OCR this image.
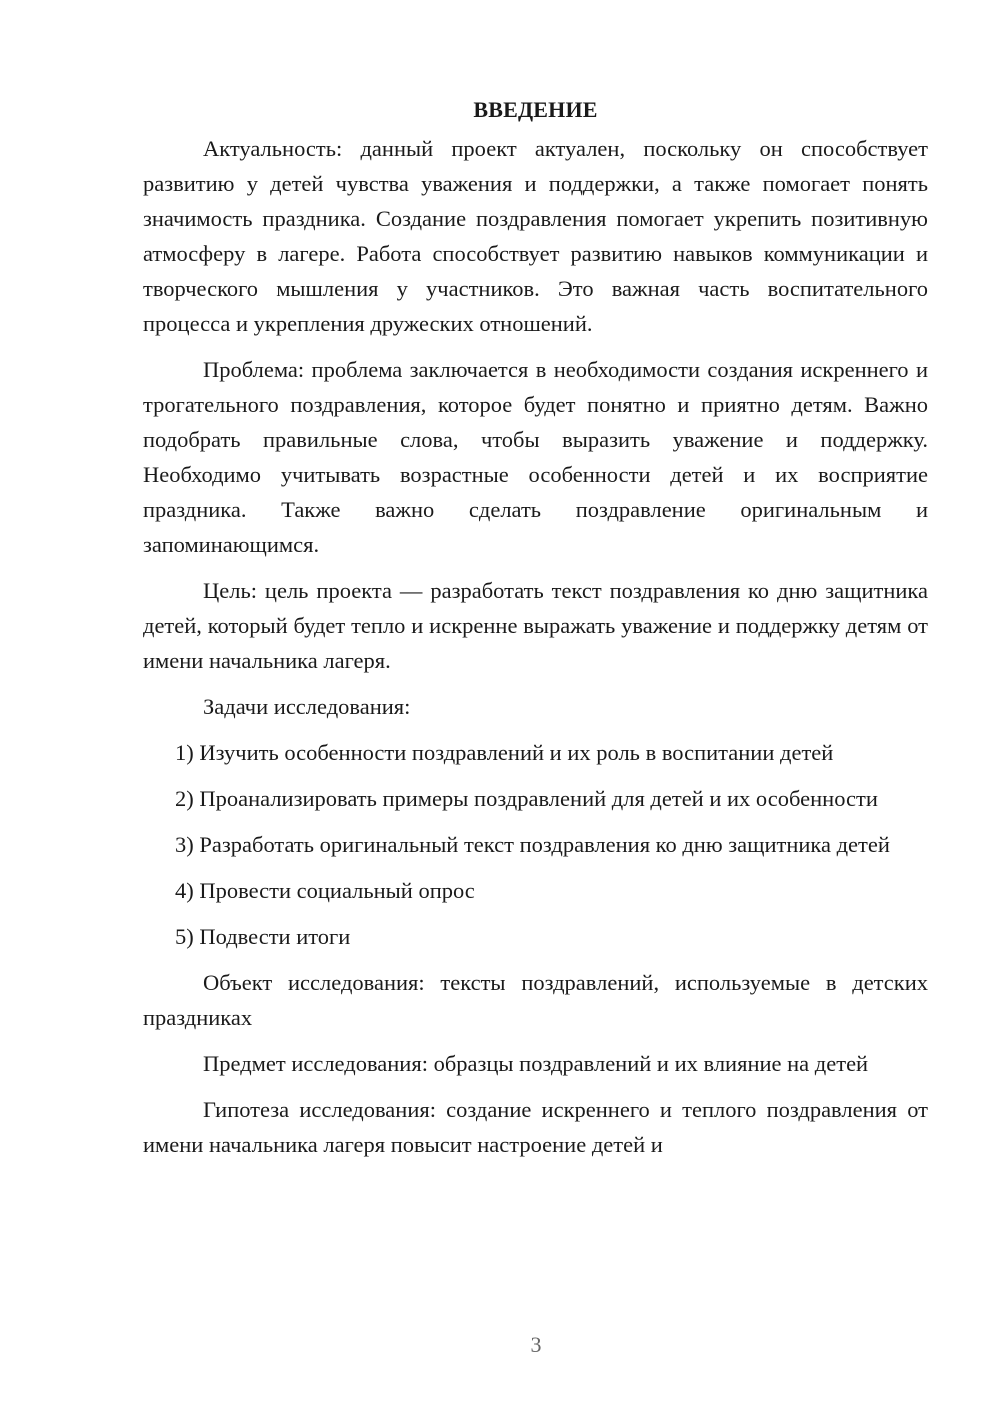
ВВЕДЕНИЕ

Актуальность: данный проект актуален, поскольку он способствует развитию у детей чувства уважения и поддержки, а также помогает понять значимость праздника. Создание поздравления помогает укрепить позитивную атмосферу в лагере. Работа способствует развитию навыков коммуникации и творческого мышления у участников. Это важная часть воспитательного процесса и укрепления дружеских отношений.

Проблема: проблема заключается в необходимости создания искреннего и трогательного поздравления, которое будет понятно и приятно детям. Важно подобрать правильные слова, чтобы выразить уважение и поддержку. Необходимо учитывать возрастные особенности детей и их восприятие праздника. Также важно сделать поздравление оригинальным и запоминающимся.

Цель: цель проекта — разработать текст поздравления ко дню защитника детей, который будет тепло и искренне выражать уважение и поддержку детям от имени начальника лагеря.

Задачи исследования:

1) Изучить особенности поздравлений и их роль в воспитании детей

2) Проанализировать примеры поздравлений для детей и их особенности

3) Разработать оригинальный текст поздравления ко дню защитника детей

4) Провести социальный опрос

5) Подвести итоги

Объект исследования: тексты поздравлений, используемые в детских праздниках

Предмет исследования: образцы поздравлений и их влияние на детей

Гипотеза исследования: создание искреннего и теплого поздравления от имени начальника лагеря повысит настроение детей и

3
